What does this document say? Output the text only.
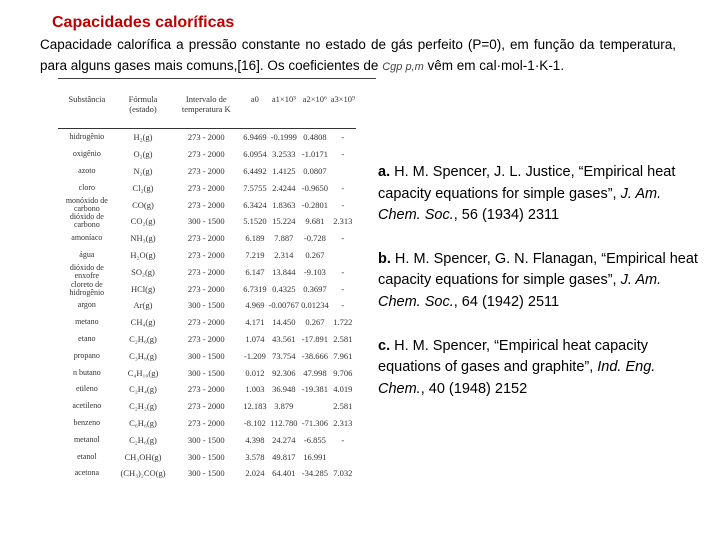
Capacidades caloríficas
Capacidade calorífica a pressão constante no estado de gás perfeito (P=0), em função da temperatura, para alguns gases mais comuns,[16]. Os coeficientes de Cgp p,m vêm em cal·mol-1·K-1.
Substância	Fórmula (estado)	Intervalo de temperatura K	a0	a1×10³	a2×10⁶	a3×10⁹
hidrogênio	H₂(g)	273 - 2000	6.9469	-0.1999	0.4808	-
oxigênio	O₂(g)	273 - 2000	6.0954	3.2533	-1.0171	-
azoto	N₂(g)	273 - 2000	6.4492	1.4125	0.0807	
cloro	Cl₂(g)	273 - 2000	7.5755	2.4244	-0.9650	-
monóxido de carbono	CO(g)	273 - 2000	6.3424	1.8363	-0.2801	-
dióxido de carbono	CO₂(g)	300 - 1500	5.1520	15.224	9.681	2.313
amoníaco	NH₃(g)	273 - 2000	6.189	7.887	-0.728	-
água	H₂O(g)	273 - 2000	7.219	2.314	0.267	
dióxido de enxofre	SO₂(g)	273 - 2000	6.147	13.844	-9.103	-
cloreto de hidrogênio	HCl(g)	273 - 2000	6.7319	0.4325	0.3697	-
argon	Ar(g)	300 - 1500	4.969	-0.00767	0.01234	-
metano	CH₄(g)	273 - 2000	4.171	14.450	0.267	1.722
etano	C₂H₆(g)	273 - 2000	1.074	43.561	-17.891	2.581
propano	C₃H₈(g)	300 - 1500	-1.209	73.754	-38.666	7.961
n butano	C₄H₁₀(g)	300 - 1500	0.012	92.306	47.998	9.706
etileno	C₂H₄(g)	273 - 2000	1.003	36.948	-19.381	4.019
acetileno	C₂H₂(g)	273 - 2000	12.183	3.879		2.581
benzeno	C₆H₆(g)	273 - 2000	-8.102	112.780	-71.306	2.313
metanol	C₂H₆(g)	300 - 1500	4.398	24.274	-6.855	-
etanol	CH₃OH(g)	300 - 1500	3.578	49.817	16.991	
acetona	(CH₃)₂CO(g)	300 - 1500	2.024	64.401	-34.285	7.032
a. H. M. Spencer, J. L. Justice, “Empirical heat capacity equations for simple gases”, J. Am. Chem. Soc., 56 (1934) 2311
b. H. M. Spencer, G. N. Flanagan, “Empirical heat capacity equations for simple gases”, J. Am. Chem. Soc., 64 (1942) 2511
c. H. M. Spencer, “Empirical heat capacity equations of gases and graphite”, Ind. Eng. Chem., 40 (1948) 2152
